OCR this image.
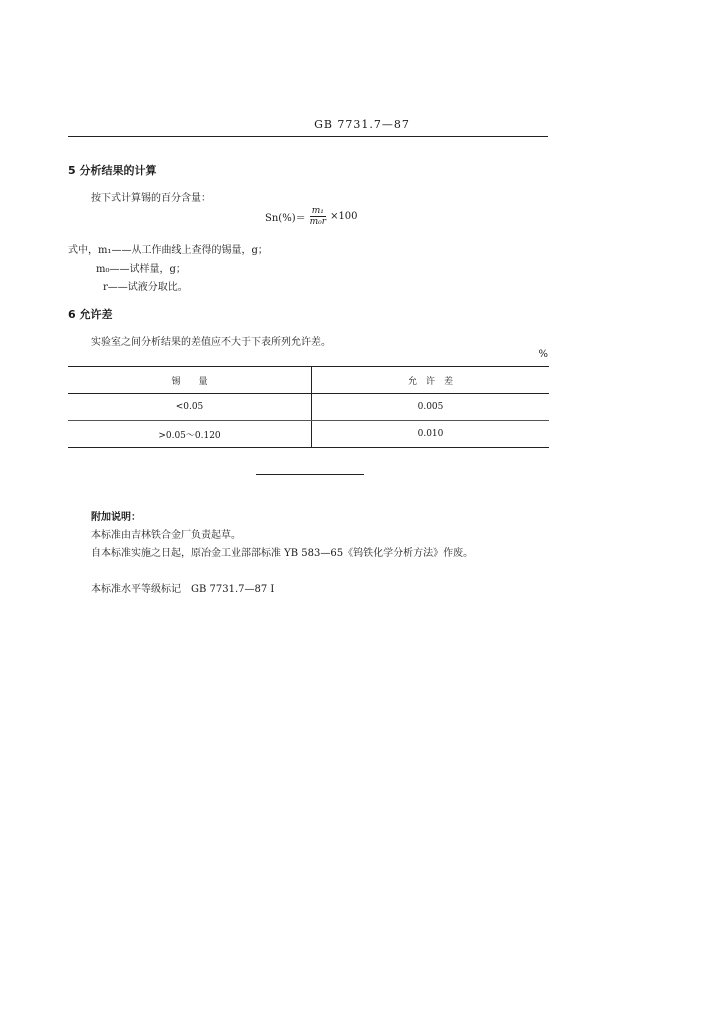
GB 7731.7—87
5 分析结果的计算
按下式计算锡的百分含量：
$Sn(\%)= \frac{\text{m₁}}{\text{m₀r}} \times 100$
式中，m₁——从工作曲线上查得的锡量，g；
m₀——试样量，g；
r——试液分取比。
6 允许差
实验室之间分析结果的差值应不大于下表所列允许差。
%
锡　　量	允　许　差
<0.05	0.005
>0.05～0.120	0.010
附加说明：
本标准由吉林铁合金厂负责起草。
自本标准实施之日起，原冶金工业部部标准 YB 583—65《钨铁化学分析方法》作废。
本标准水平等级标记　GB 7731.7—87 Ⅰ
